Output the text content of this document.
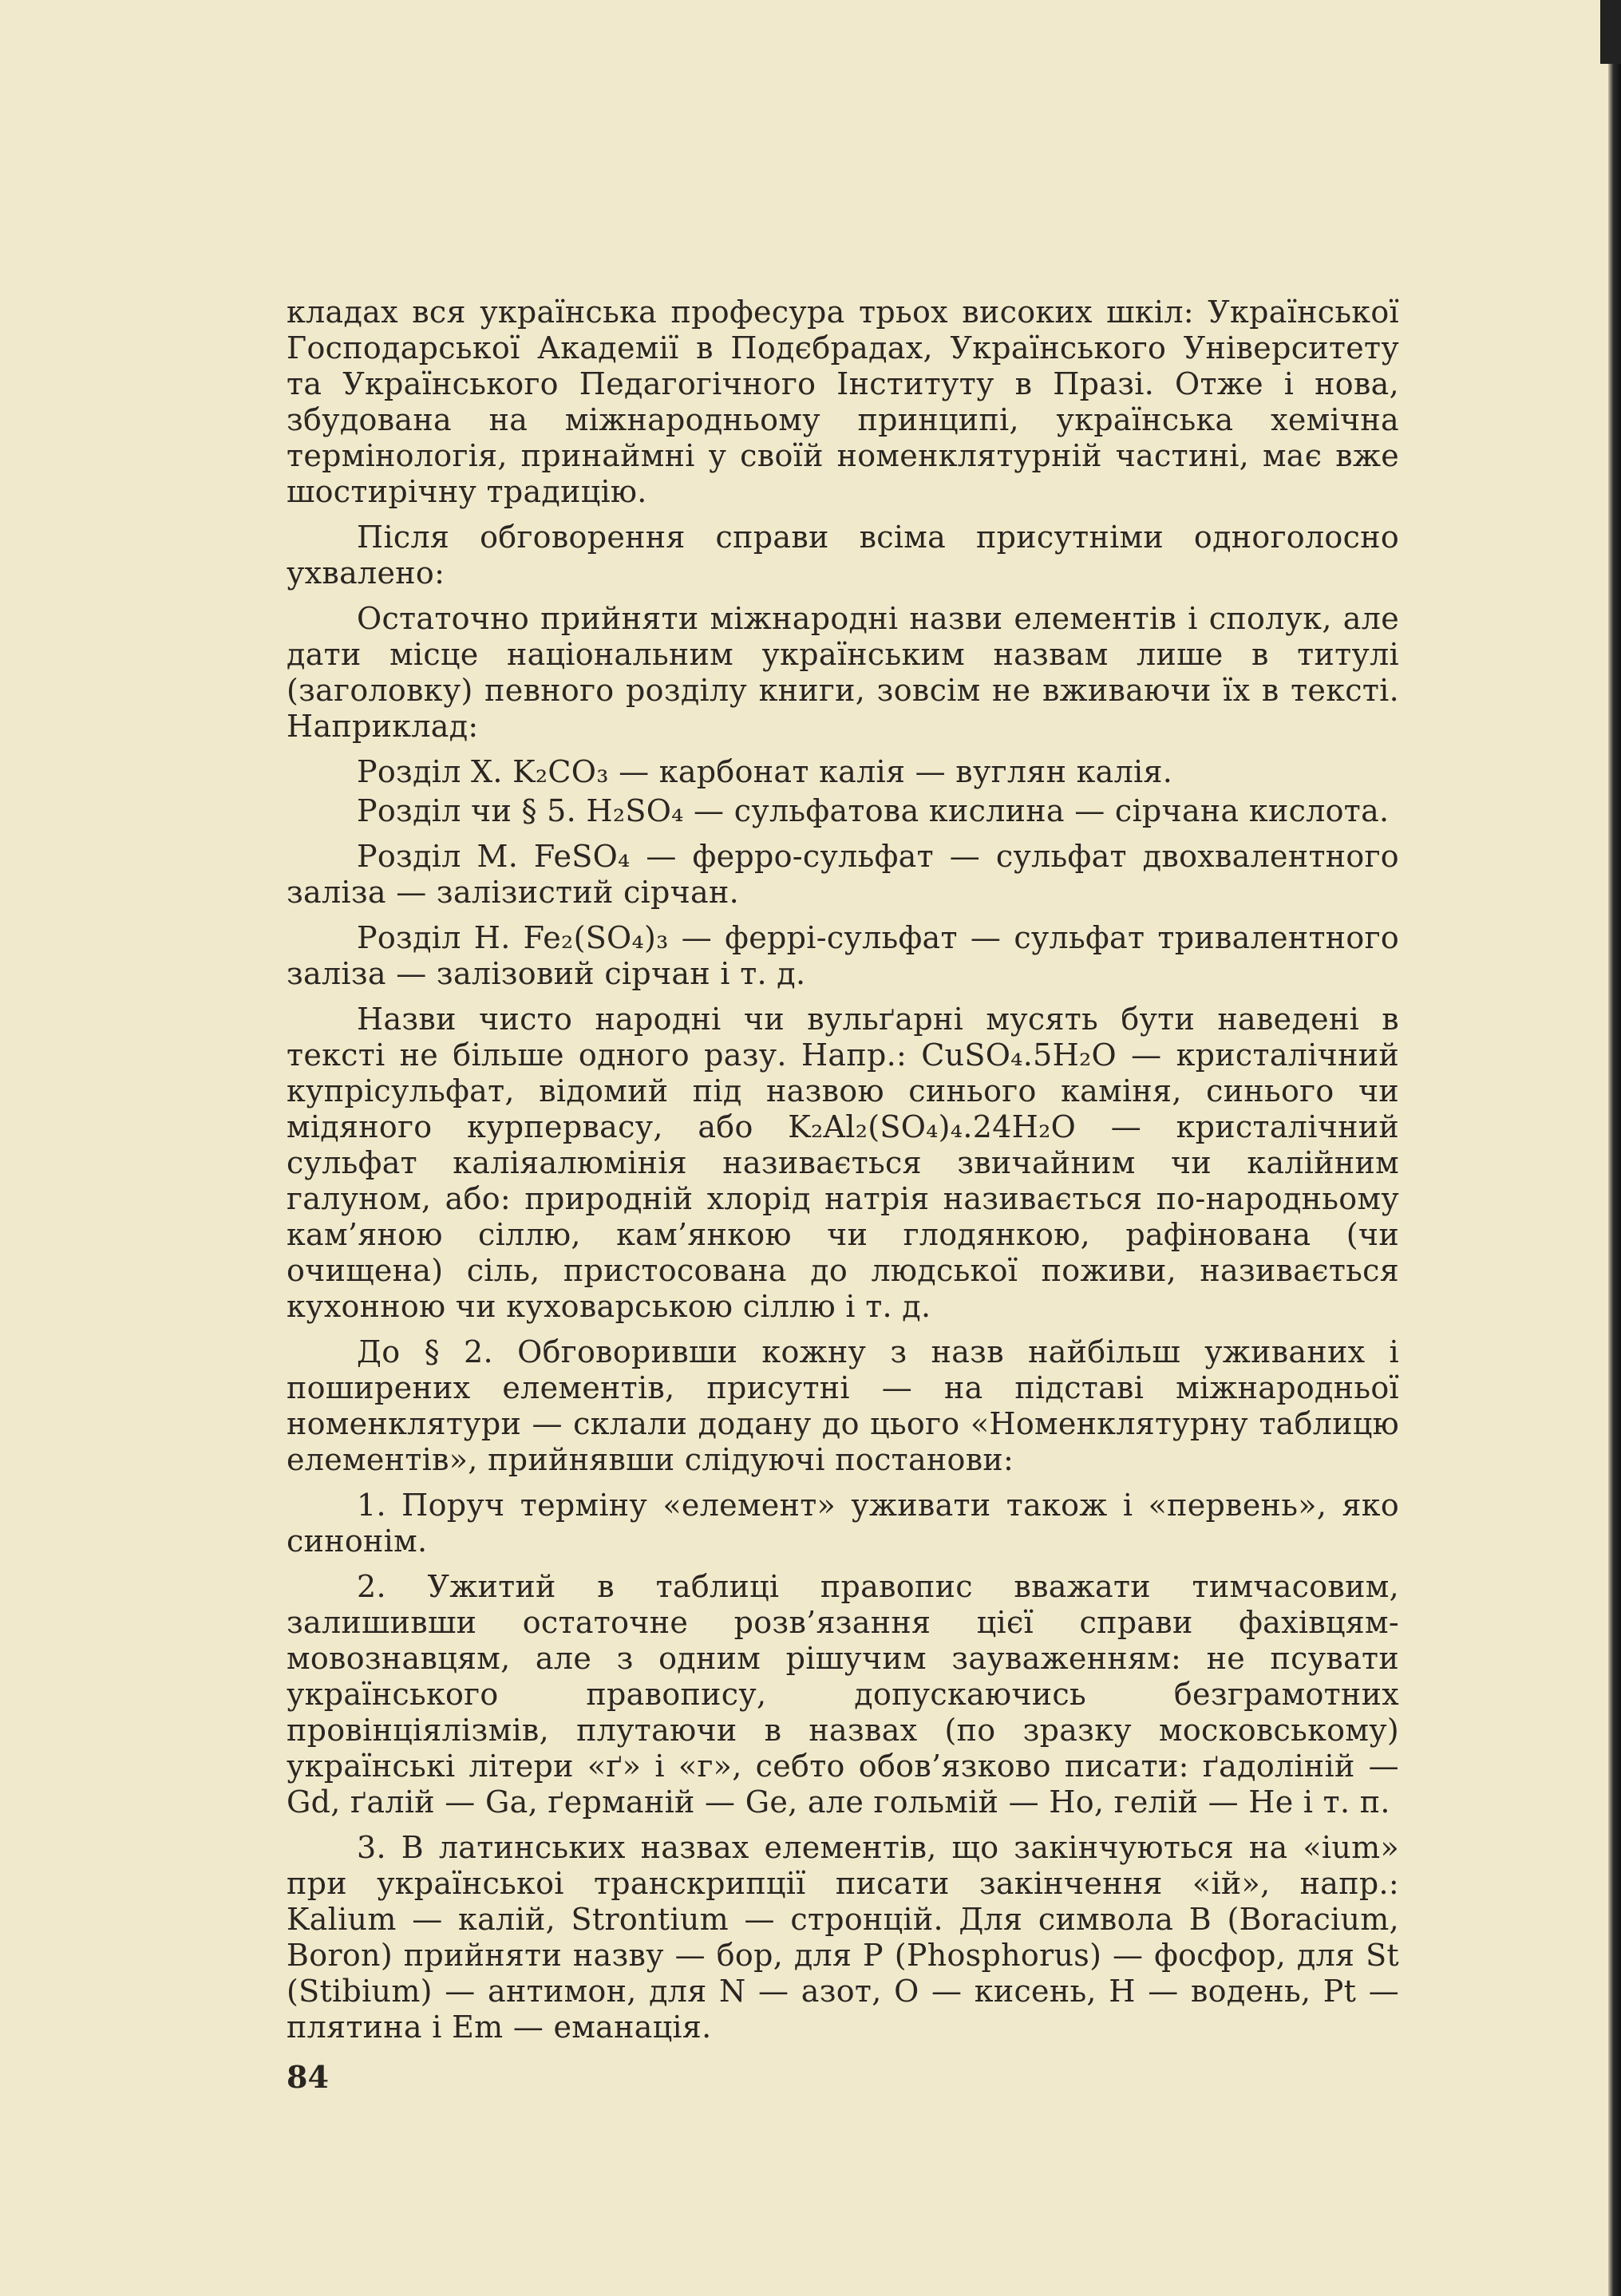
кладах вся українська професура трьох високих шкіл: Української Господарської Академії в Подєбрадах, Українського Університету та Українського Педагогічного Інституту в Празі. Отже і нова, збудована на міжнародньому принципі, українська хемічна термінологія, принаймні у своїй номенклятурній частині, має вже шостирічну традицію.

Після обговорення справи всіма присутніми одноголосно ухвалено:

Остаточно прийняти міжнародні назви елементів і сполук, але дати місце національним українським назвам лише в титулі (заголовку) певного розділу книги, зовсім не вживаючи їх в тексті. Наприклад:

Розділ X. K₂CO₃ — карбонат калія — вуглян калія.

Розділ чи § 5. H₂SO₄ — сульфатова кислина — сірчана кислота.

Розділ M. FeSO₄ — ферро-сульфат — сульфат двохвалентного заліза — залізистий сірчан.

Розділ H. Fe₂(SO₄)₃ — феррі-сульфат — сульфат тривалентного заліза — залізовий сірчан і т. д.

Назви чисто народні чи вульґарні мусять бути наведені в тексті не більше одного разу. Напр.: CuSO₄.5H₂O — кристалічний купрісульфат, відомий під назвою синього каміня, синього чи мідяного курпервасу, або K₂Al₂(SO₄)₄.24H₂O — кристалічний сульфат каліяалюмінія називається звичайним чи калійним галуном, або: природній хлорід натрія називається по-народньому кам’яною сіллю, кам’янкою чи глодянкою, рафінована (чи очищена) сіль, пристосована до людської поживи, називається кухонною чи куховарською сіллю і т. д.

До § 2. Обговоривши кожну з назв найбільш уживаних і поширених елементів, присутні — на підставі міжнародньої номенклятури — склали додану до цього «Номенклятурну таблицю елементів», прийнявши слідуючі постанови:

1. Поруч терміну «елемент» уживати також і «первень», яко синонім.

2. Ужитий в таблиці правопис вважати тимчасовим, залишивши остаточне розв’язання цієї справи фахівцям-мовознавцям, але з одним рішучим зауваженням: не псувати українського правопису, допускаючись безграмотних провінціялізмів, плутаючи в назвах (по зразку московському) українські літери «ґ» і «г», себто обов’язково писати: ґадоліній — Gd, ґалій — Ga, ґерманій — Ge, але гольмій — Ho, гелій — He і т. п.

3. В латинських назвах елементів, що закінчуються на «ium» при українськоі транскрипції писати закінчення «ій», напр.: Kalium — калій, Strontium — стронцій. Для символа B (Boracium, Boron) прийняти назву — бор, для P (Phosphorus) — фосфор, для St (Stibium) — антимон, для N — азот, O — кисень, H — водень, Pt — плятина і Em — еманація.

84
